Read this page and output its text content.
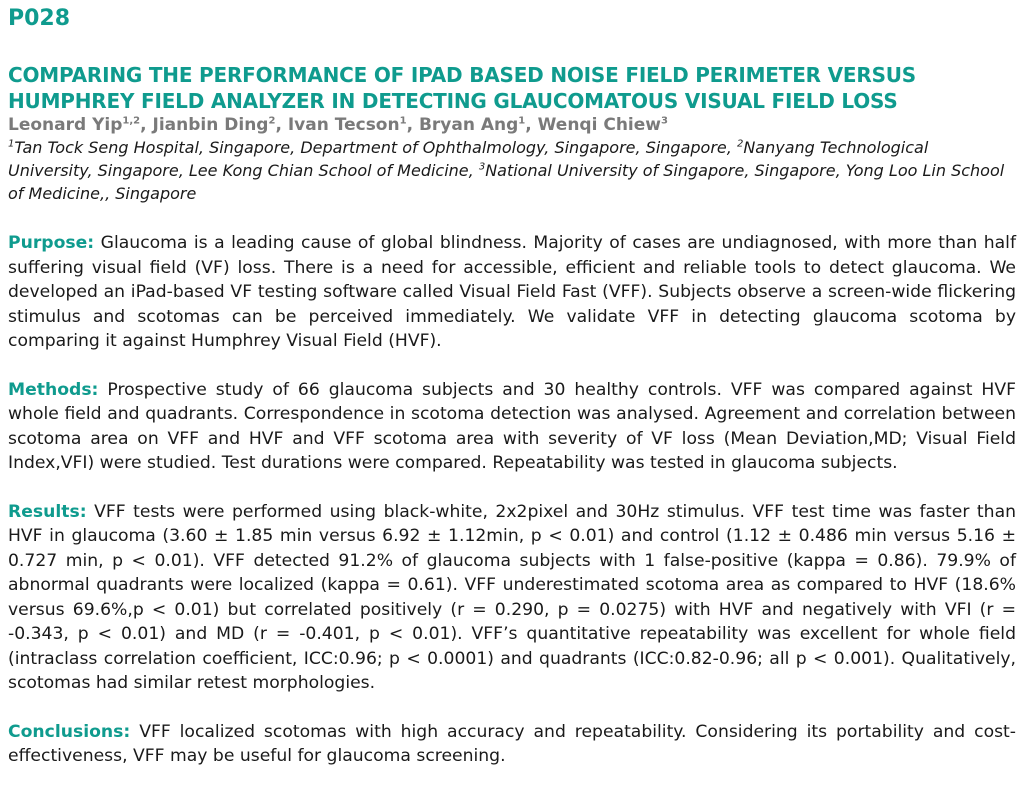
P028
COMPARING THE PERFORMANCE OF IPAD BASED NOISE FIELD PERIMETER VERSUS HUMPHREY FIELD ANALYZER IN DETECTING GLAUCOMATOUS VISUAL FIELD LOSS
Leonard Yip$^{1,2}$, Jianbin Ding$^2$, Ivan Tecson$^1$, Bryan Ang$^1$, Wenqi Chiew$^3$

$^1$Tan Tock Seng Hospital, Singapore, Department of Ophthalmology, Singapore, Singapore, $^2$Nanyang Technological University, Singapore, Lee Kong Chian School of Medicine, $^3$National University of Singapore, Singapore, Yong Loo Lin School of Medicine,, Singapore

Purpose: Glaucoma is a leading cause of global blindness. Majority of cases are undiagnosed, with more than half suffering visual field (VF) loss. There is a need for accessible, efficient and reliable tools to detect glaucoma. We developed an iPad-based VF testing software called Visual Field Fast (VFF). Subjects observe a screen-wide flickering stimulus and scotomas can be perceived immediately. We validate VFF in detecting glaucoma scotoma by comparing it against Humphrey Visual Field (HVF).

Methods: Prospective study of 66 glaucoma subjects and 30 healthy controls. VFF was compared against HVF whole field and quadrants. Correspondence in scotoma detection was analysed. Agreement and correlation between scotoma area on VFF and HVF and VFF scotoma area with severity of VF loss (Mean Deviation,MD; Visual Field Index,VFI) were studied. Test durations were compared. Repeatability was tested in glaucoma subjects.

Results: VFF tests were performed using black-white, 2x2pixel and 30Hz stimulus. VFF test time was faster than HVF in glaucoma (3.60 ± 1.85 min versus 6.92 ± 1.12min, p < 0.01) and control (1.12 ± 0.486 min versus 5.16 ± 0.727 min, p < 0.01). VFF detected 91.2% of glaucoma subjects with 1 false-positive (kappa = 0.86). 79.9% of abnormal quadrants were localized (kappa = 0.61). VFF underestimated scotoma area as compared to HVF (18.6% versus 69.6%,p < 0.01) but correlated positively (r = 0.290, p = 0.0275) with HVF and negatively with VFI (r = -0.343, p < 0.01) and MD (r = -0.401, p < 0.01). VFF’s quantitative repeatability was excellent for whole field (intraclass correlation coefficient, ICC:0.96; p < 0.0001) and quadrants (ICC:0.82-0.96; all p < 0.001). Qualitatively, scotomas had similar retest morphologies.

Conclusions: VFF localized scotomas with high accuracy and repeatability. Considering its portability and cost-effectiveness, VFF may be useful for glaucoma screening.
